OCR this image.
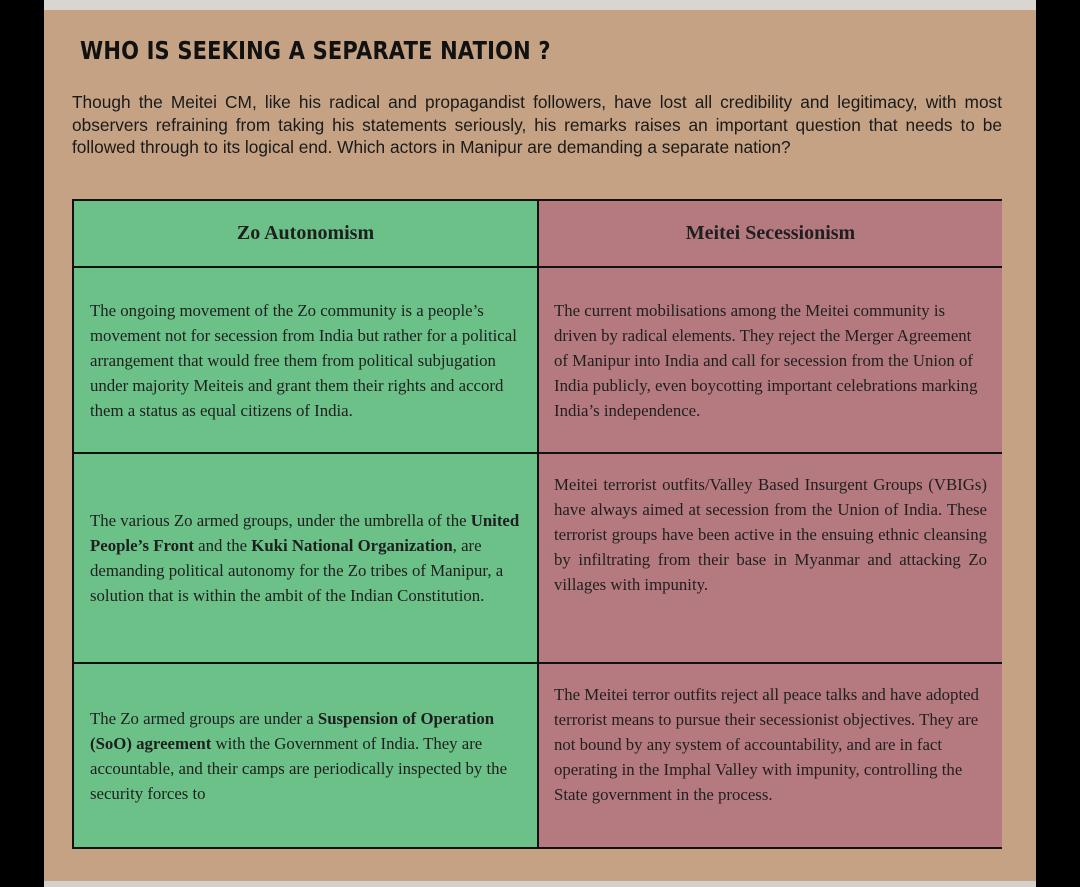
WHO IS SEEKING A SEPARATE NATION ?

Though the Meitei CM, like his radical and propagandist followers, have lost all credibility and legitimacy, with most observers refraining from taking his statements seriously, his remarks raises an important question that needs to be followed through to its logical end. Which actors in Manipur are demanding a separate nation?

Zo Autonomism	Meitei Secessionism

The ongoing movement of the Zo community is a people’s movement not for secession from India but rather for a political arrangement that would free them from political subjugation under majority Meiteis and grant them their rights and accord them a status as equal citizens of India.

The current mobilisations among the Meitei community is driven by radical elements. They reject the Merger Agreement of Manipur into India and call for secession from the Union of India publicly, even boycotting important celebrations marking India’s independence.

The various Zo armed groups, under the umbrella of the United People’s Front and the Kuki National Organization, are demanding political autonomy for the Zo tribes of Manipur, a solution that is within the ambit of the Indian Constitution.

Meitei terrorist outfits/Valley Based Insurgent Groups (VBIGs) have always aimed at secession from the Union of India. These terrorist groups have been active in the ensuing ethnic cleansing by infiltrating from their base in Myanmar and attacking Zo villages with impunity.

The Zo armed groups are under a Suspension of Operation (SoO) agreement with the Government of India. They are accountable, and their camps are periodically inspected by the security forces to

The Meitei terror outfits reject all peace talks and have adopted terrorist means to pursue their secessionist objectives. They are not bound by any system of accountability, and are in fact operating in the Imphal Valley with impunity, controlling the State government in the process.
